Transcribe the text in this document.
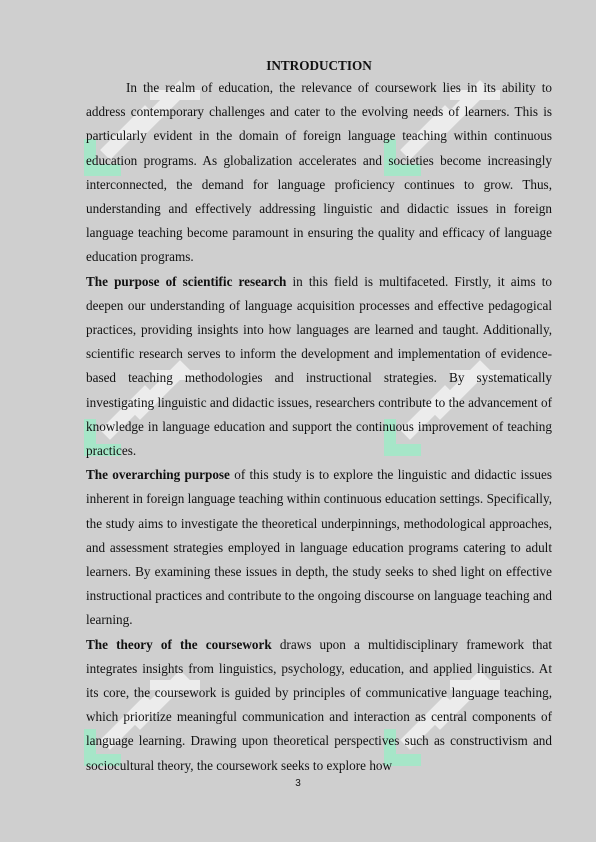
INTRODUCTION

In the realm of education, the relevance of coursework lies in its ability to address contemporary challenges and cater to the evolving needs of learners. This is particularly evident in the domain of foreign language teaching within continuous education programs. As globalization accelerates and societies become increasingly interconnected, the demand for language proficiency continues to grow. Thus, understanding and effectively addressing linguistic and didactic issues in foreign language teaching become paramount in ensuring the quality and efficacy of language education programs.

The purpose of scientific research in this field is multifaceted. Firstly, it aims to deepen our understanding of language acquisition processes and effective pedagogical practices, providing insights into how languages are learned and taught. Additionally, scientific research serves to inform the development and implementation of evidence-based teaching methodologies and instructional strategies. By systematically investigating linguistic and didactic issues, researchers contribute to the advancement of knowledge in language education and support the continuous improvement of teaching practices.

The overarching purpose of this study is to explore the linguistic and didactic issues inherent in foreign language teaching within continuous education settings. Specifically, the study aims to investigate the theoretical underpinnings, methodological approaches, and assessment strategies employed in language education programs catering to adult learners. By examining these issues in depth, the study seeks to shed light on effective instructional practices and contribute to the ongoing discourse on language teaching and learning.

The theory of the coursework draws upon a multidisciplinary framework that integrates insights from linguistics, psychology, education, and applied linguistics. At its core, the coursework is guided by principles of communicative language teaching, which prioritize meaningful communication and interaction as central components of language learning. Drawing upon theoretical perspectives such as constructivism and sociocultural theory, the coursework seeks to explore how

3
